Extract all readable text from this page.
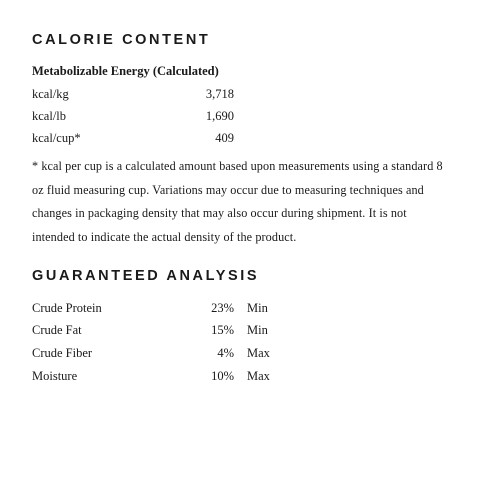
CALORIE CONTENT

Metabolizable Energy (Calculated)

kcal/kg	3,718
kcal/lb	1,690
kcal/cup*	409

* kcal per cup is a calculated amount based upon measurements using a standard 8 oz fluid measuring cup. Variations may occur due to measuring techniques and changes in packaging density that may also occur during shipment. It is not intended to indicate the actual density of the product.

GUARANTEED ANALYSIS
Crude Protein	23% Min
Crude Fat	15% Min
Crude Fiber	4% Max
Moisture	10% Max
